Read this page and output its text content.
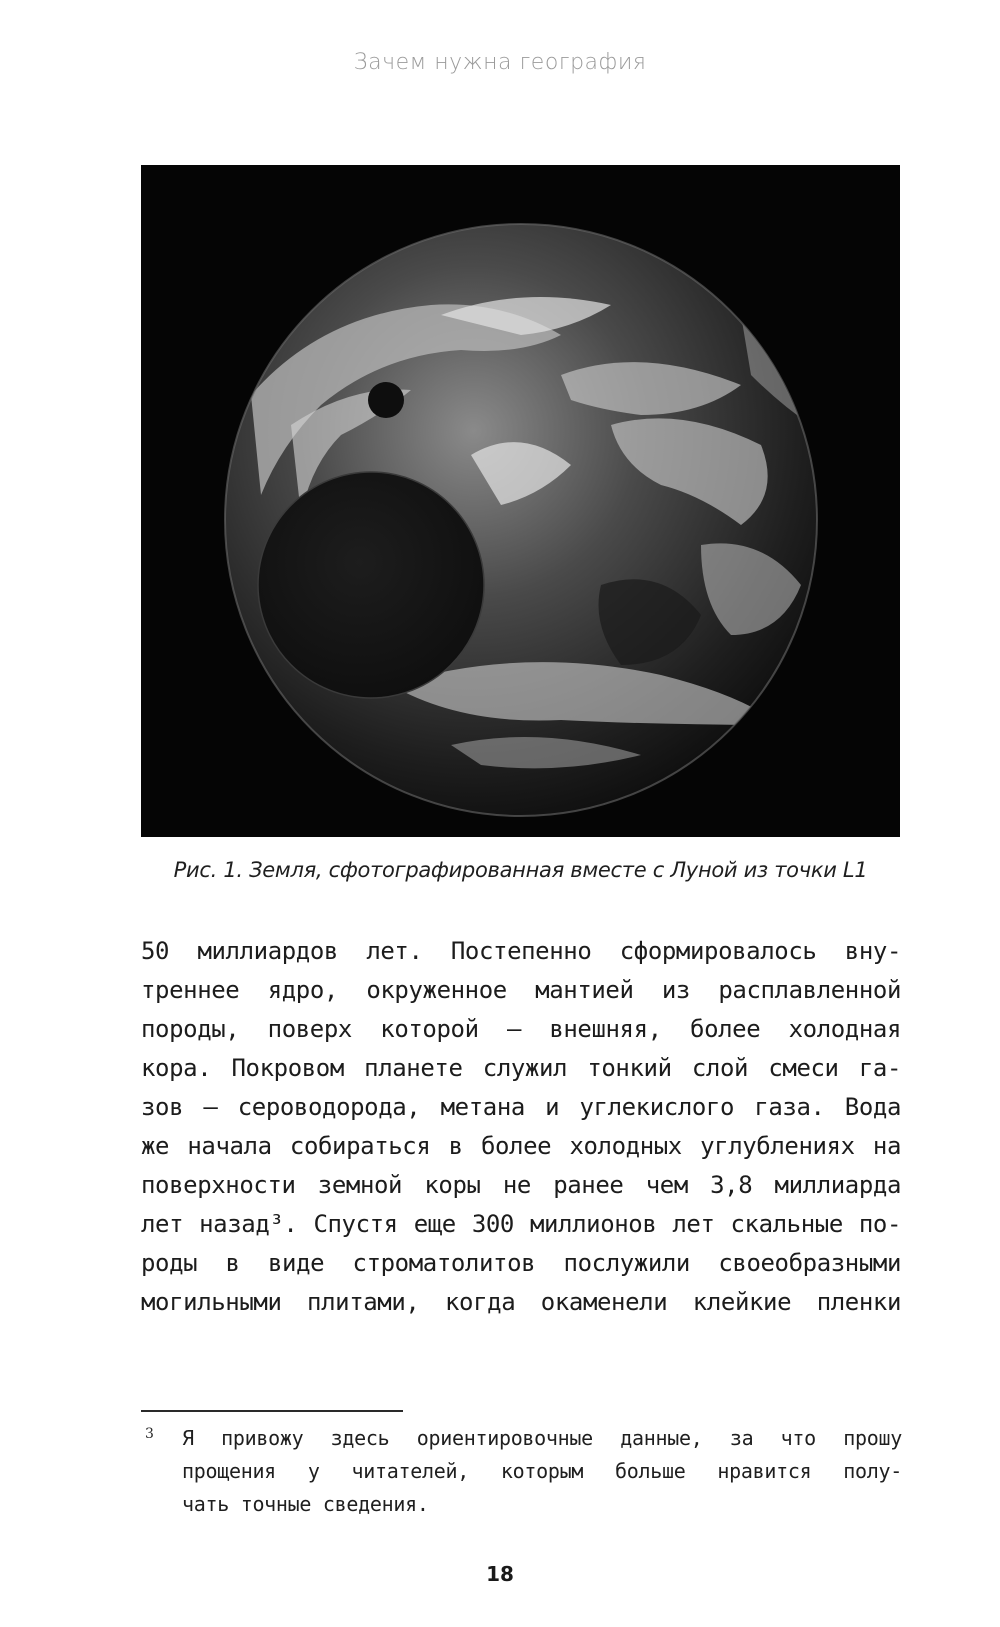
Зачем нужна география
Рис. 1. Земля, сфотографированная вместе с Луной из точки L1
50 миллиардов лет. Постепенно сформировалось вну-
треннее ядро, окруженное мантией из расплавленной
породы, поверх которой — внешняя, более холодная
кора. Покровом планете служил тонкий слой смеси га-
зов — сероводорода, метана и углекислого газа. Вода
же начала собираться в более холодных углублениях на
поверхности земной коры не ранее чем 3,8 миллиарда
лет назад³. Спустя еще 300 миллионов лет скальные по-
роды в виде строматолитов послужили своеобразными
могильными плитами, когда окаменели клейкие пленки
3 Я привожу здесь ориентировочные данные, за что прошу
прощения у читателей, которым больше нравится полу-
чать точные сведения.
18
